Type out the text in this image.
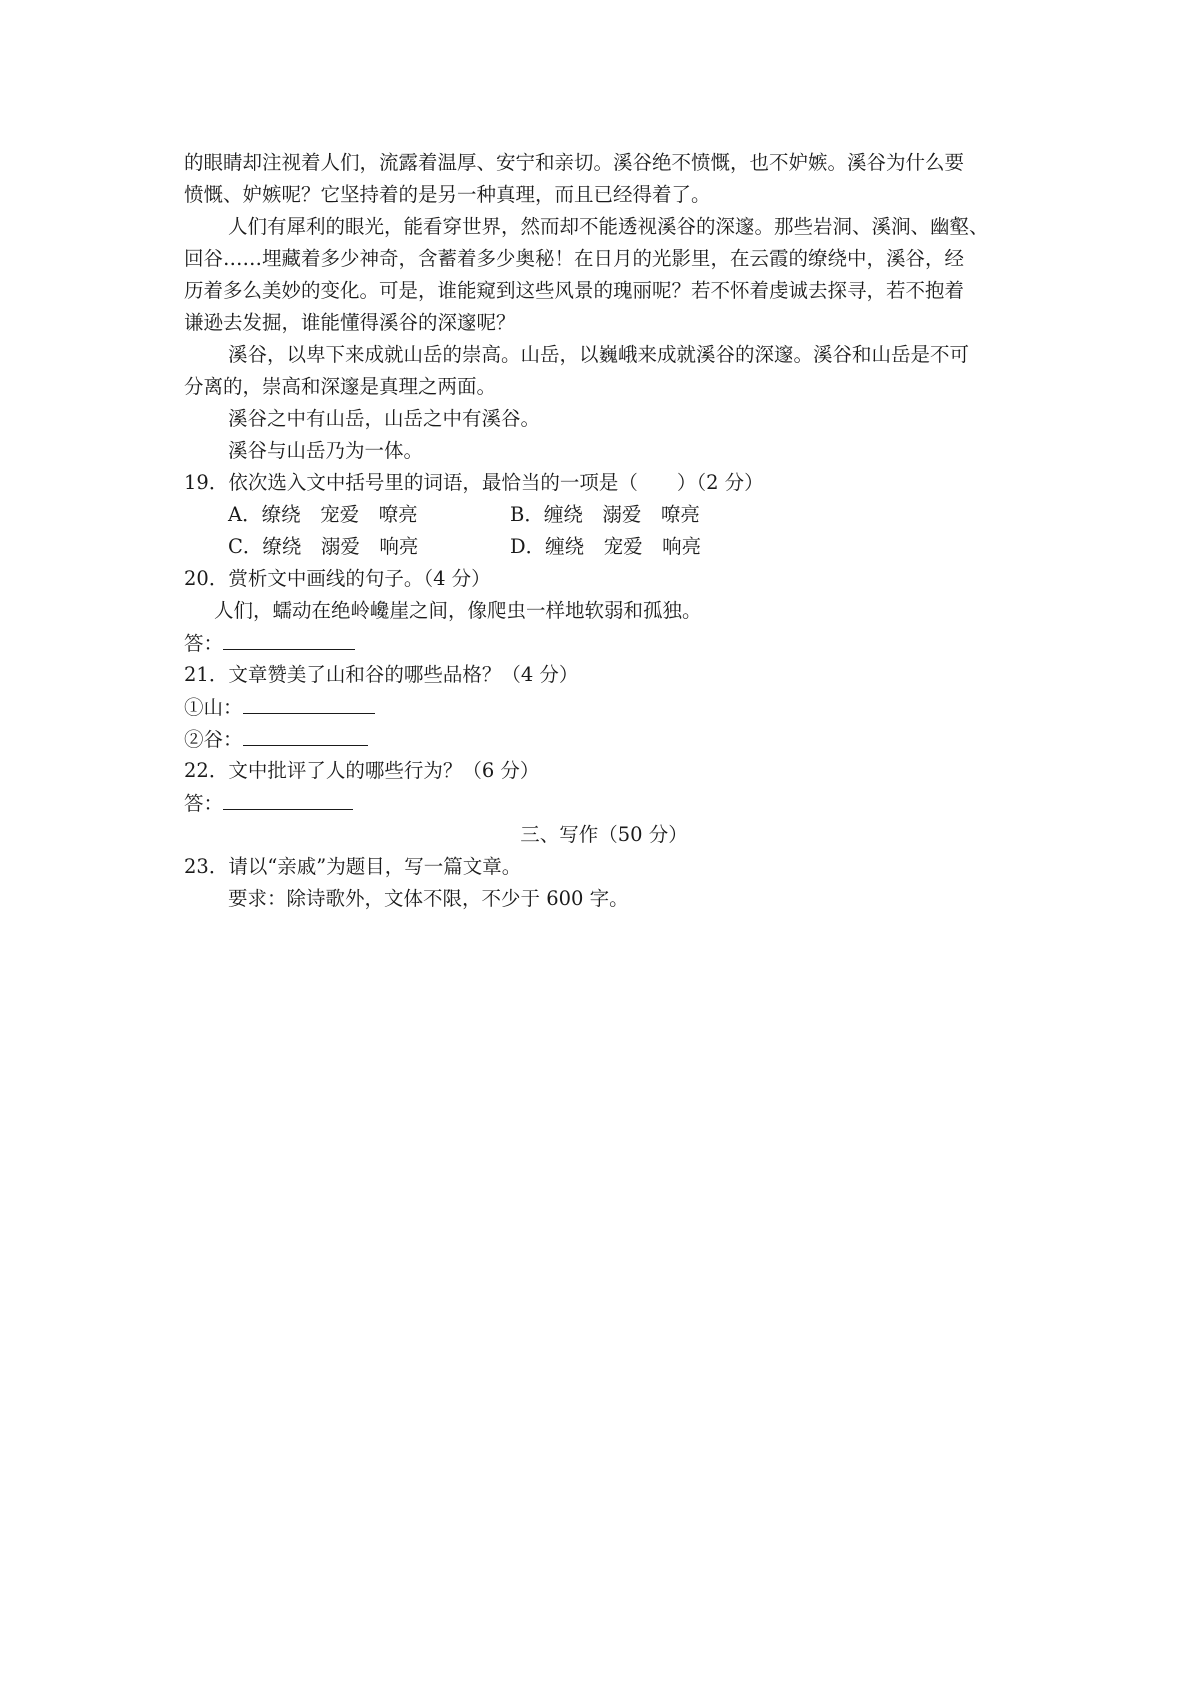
的眼睛却注视着人们，流露着温厚、安宁和亲切。溪谷绝不愤慨，也不妒嫉。溪谷为什么要
愤慨、妒嫉呢？它坚持着的是另一种真理，而且已经得着了。
人们有犀利的眼光，能看穿世界，然而却不能透视溪谷的深邃。那些岩洞、溪涧、幽壑、
回谷……埋藏着多少神奇，含蓄着多少奥秘！在日月的光影里，在云霞的缭绕中，溪谷，经
历着多么美妙的变化。可是，谁能窥到这些风景的瑰丽呢？若不怀着虔诚去探寻，若不抱着
谦逊去发掘，谁能懂得溪谷的深邃呢？
溪谷，以卑下来成就山岳的崇高。山岳，以巍峨来成就溪谷的深邃。溪谷和山岳是不可
分离的，崇高和深邃是真理之两面。
溪谷之中有山岳，山岳之中有溪谷。
溪谷与山岳乃为一体。
19．依次选入文中括号里的词语，最恰当的一项是（　　）（2 分）
A．缭绕　宠爱　嘹亮	B．缠绕　溺爱　嘹亮
C．缭绕　溺爱　响亮	D．缠绕　宠爱　响亮
20．赏析文中画线的句子。（4 分）
人们，蠕动在绝岭巉崖之间，像爬虫一样地软弱和孤独。
答：
21．文章赞美了山和谷的哪些品格？（4 分）
①山：
②谷：
22．文中批评了人的哪些行为？（6 分）
答：
三、写作（50 分）
23．请以“亲戚”为题目，写一篇文章。
要求：除诗歌外，文体不限，不少于 600 字。
